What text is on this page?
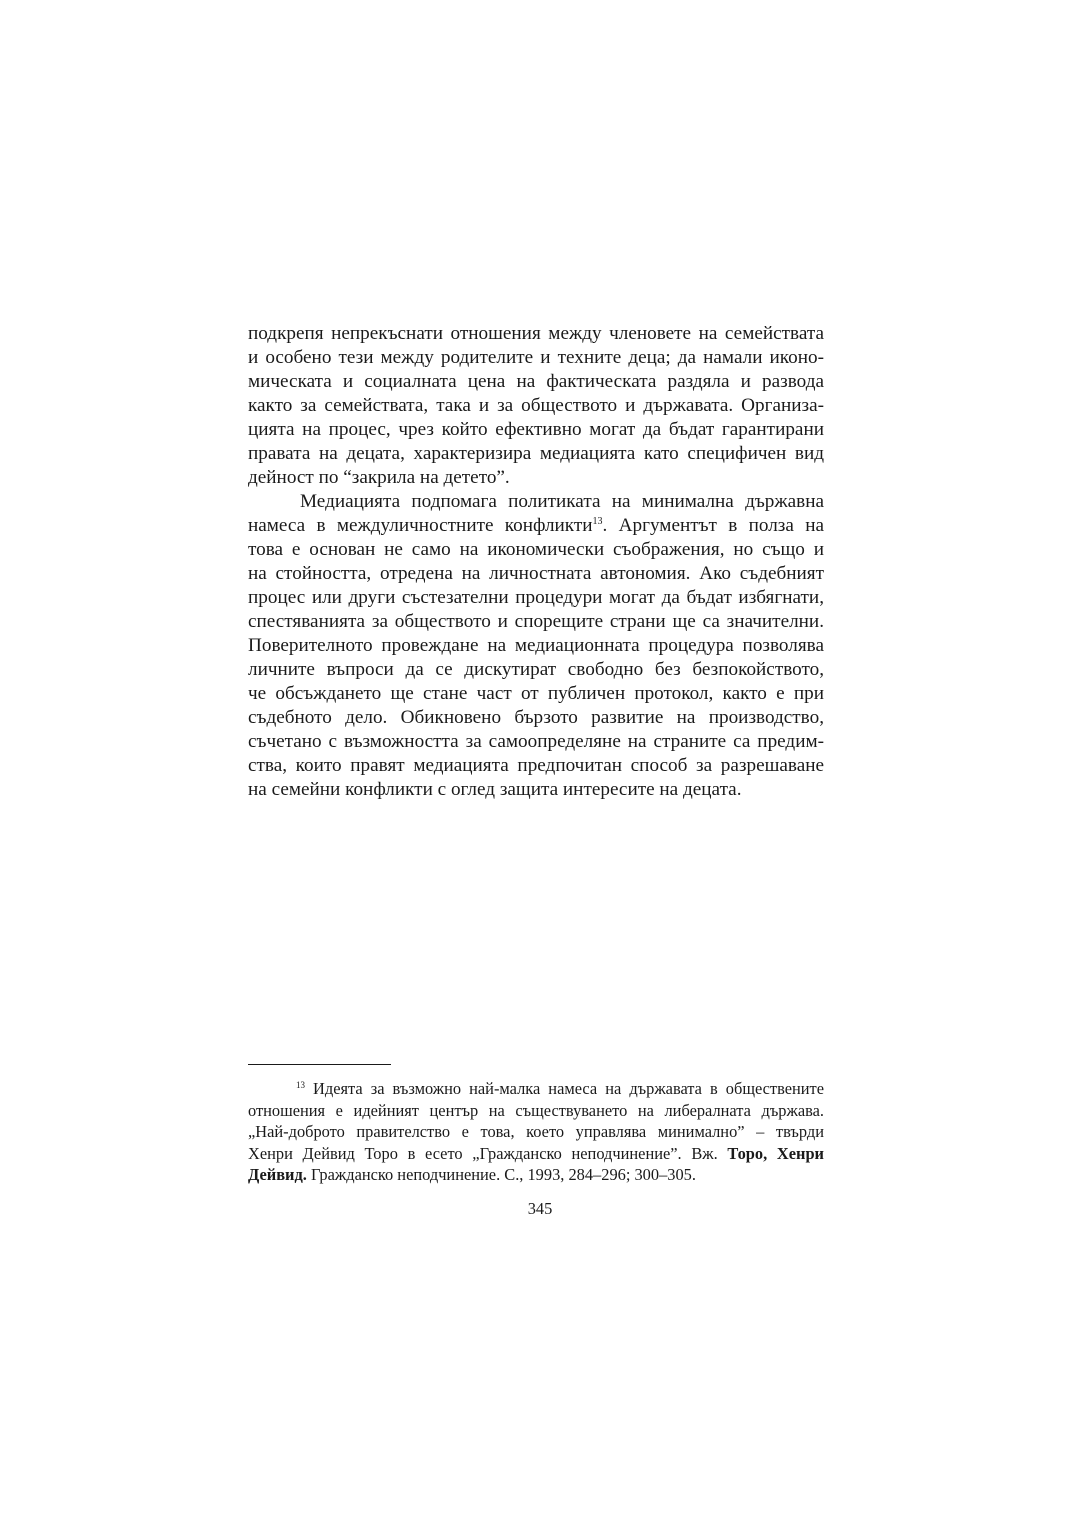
подкрепя непрекъснати отношения между членовете на семействата
и особено тези между родителите и техните деца; да намали иконо-
мическата и социалната цена на фактическата раздяла и развода
както за семействата, така и за обществото и държавата. Организа-
цията на процес, чрез който ефективно могат да бъдат гарантирани
правата на децата, характеризира медиацията като специфичен вид
дейност по “закрила на детето”.
Медиацията подпомага политиката на минимална държавна
намеса в междуличностните конфликти$^{13}$. Аргументът в полза на
това е основан не само на икономически съображения, но също и
на стойността, отредена на личностната автономия. Ако съдебният
процес или други състезателни процедури могат да бъдат избягнати,
спестяванията за обществото и спорещите страни ще са значителни.
Поверителното провеждане на медиационната процедура позволява
личните въпроси да се дискутират свободно без безпокойството,
че обсъждането ще стане част от публичен протокол, както е при
съдебното дело. Обикновено бързото развитие на производство,
съчетано с възможността за самоопределяне на страните са предим-
ства, които правят медиацията предпочитан способ за разрешаване
на семейни конфликти с оглед защита интересите на децата.
$^{13}$ Идеята за възможно най-малка намеса на държавата в обществените
отношения е идейният център на съществуването на либералната държава.
„Най-доброто правителство е това, което управлява минимално” – твърди
Хенри Дейвид Торо в есето „Гражданско неподчинение”. Вж. Торо, Хенри
Дейвид. Гражданско неподчинение. С., 1993, 284–296; 300–305.
345
